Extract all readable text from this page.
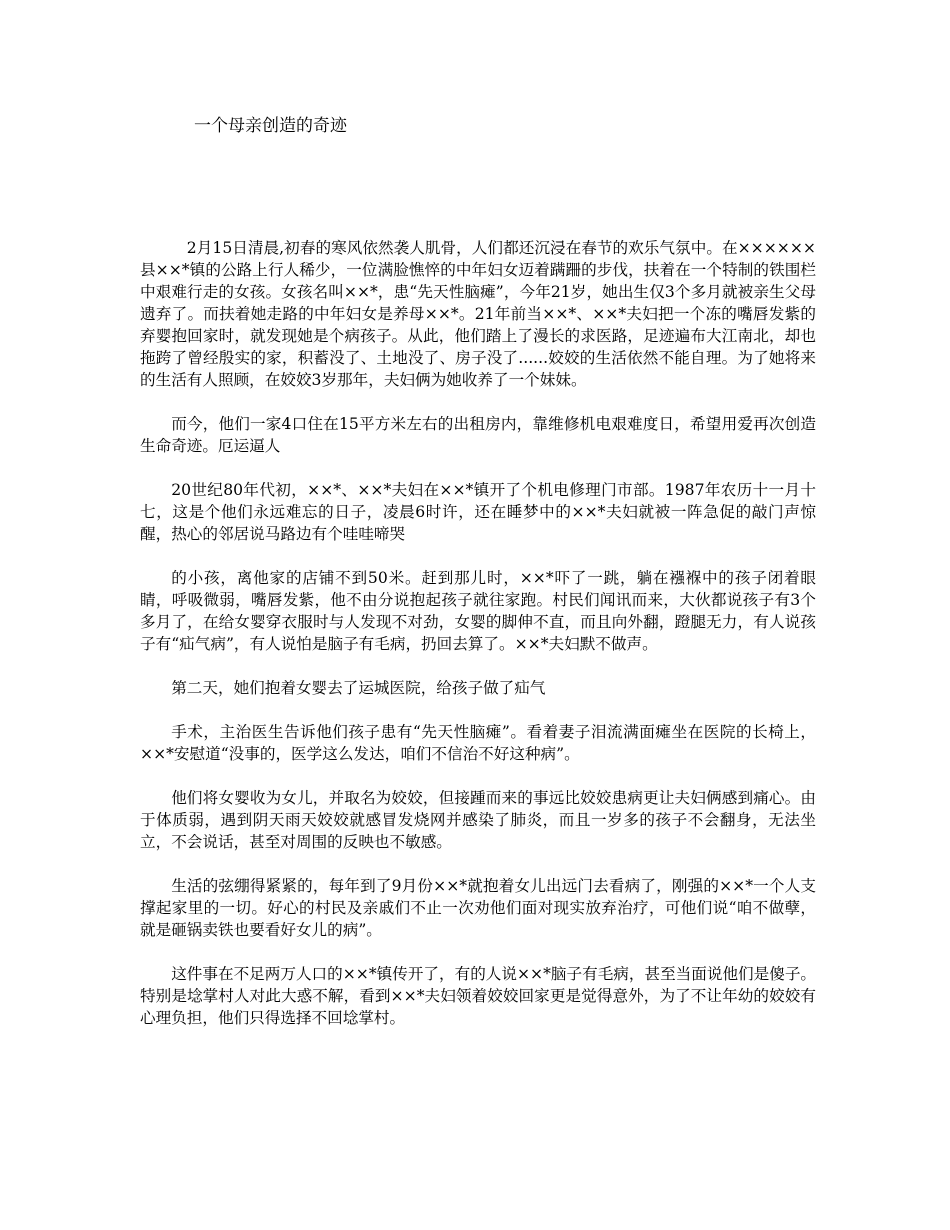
一个母亲创造的奇迹

2月15日清晨,初春的寒风依然袭人肌骨，人们都还沉浸在春节的欢乐气氛中。在××××××县××*镇的公路上行人稀少，一位满脸憔悴的中年妇女迈着蹒跚的步伐，扶着在一个特制的铁围栏中艰难行走的女孩。女孩名叫××*，患“先天性脑瘫”，今年21岁，她出生仅3个多月就被亲生父母遗弃了。而扶着她走路的中年妇女是养母××*。21年前当××*、××*夫妇把一个冻的嘴唇发紫的弃婴抱回家时，就发现她是个病孩子。从此，他们踏上了漫长的求医路，足迹遍布大江南北，却也拖跨了曾经殷实的家，积蓄没了、土地没了、房子没了......姣姣的生活依然不能自理。为了她将来的生活有人照顾，在姣姣3岁那年，夫妇俩为她收养了一个妹妹。

而今，他们一家4口住在15平方米左右的出租房内，靠维修机电艰难度日，希望用爱再次创造生命奇迹。厄运逼人

20世纪80年代初，××*、××*夫妇在××*镇开了个机电修理门市部。1987年农历十一月十七，这是个他们永远难忘的日子，凌晨6时许，还在睡梦中的××*夫妇就被一阵急促的敲门声惊醒，热心的邻居说马路边有个哇哇啼哭

的小孩，离他家的店铺不到50米。赶到那儿时，××*吓了一跳，躺在襁褓中的孩子闭着眼睛，呼吸微弱，嘴唇发紫，他不由分说抱起孩子就往家跑。村民们闻讯而来，大伙都说孩子有3个多月了，在给女婴穿衣服时与人发现不对劲，女婴的脚伸不直，而且向外翻，蹬腿无力，有人说孩子有“疝气病”，有人说怕是脑子有毛病，扔回去算了。××*夫妇默不做声。

第二天，她们抱着女婴去了运城医院，给孩子做了疝气

手术，主治医生告诉他们孩子患有“先天性脑瘫”。看着妻子泪流满面瘫坐在医院的长椅上，××*安慰道“没事的，医学这么发达，咱们不信治不好这种病”。

他们将女婴收为女儿，并取名为姣姣，但接踵而来的事远比姣姣患病更让夫妇俩感到痛心。由于体质弱，遇到阴天雨天姣姣就感冒发烧网并感染了肺炎，而且一岁多的孩子不会翻身，无法坐立，不会说话，甚至对周围的反映也不敏感。

生活的弦绷得紧紧的，每年到了9月份××*就抱着女儿出远门去看病了，刚强的××*一个人支撑起家里的一切。好心的村民及亲戚们不止一次劝他们面对现实放弃治疗，可他们说“咱不做孽，就是砸锅卖铁也要看好女儿的病”。

这件事在不足两万人口的××*镇传开了，有的人说××*脑子有毛病，甚至当面说他们是傻子。特别是埝掌村人对此大惑不解，看到××*夫妇领着姣姣回家更是觉得意外，为了不让年幼的姣姣有心理负担，他们只得选择不回埝掌村。
